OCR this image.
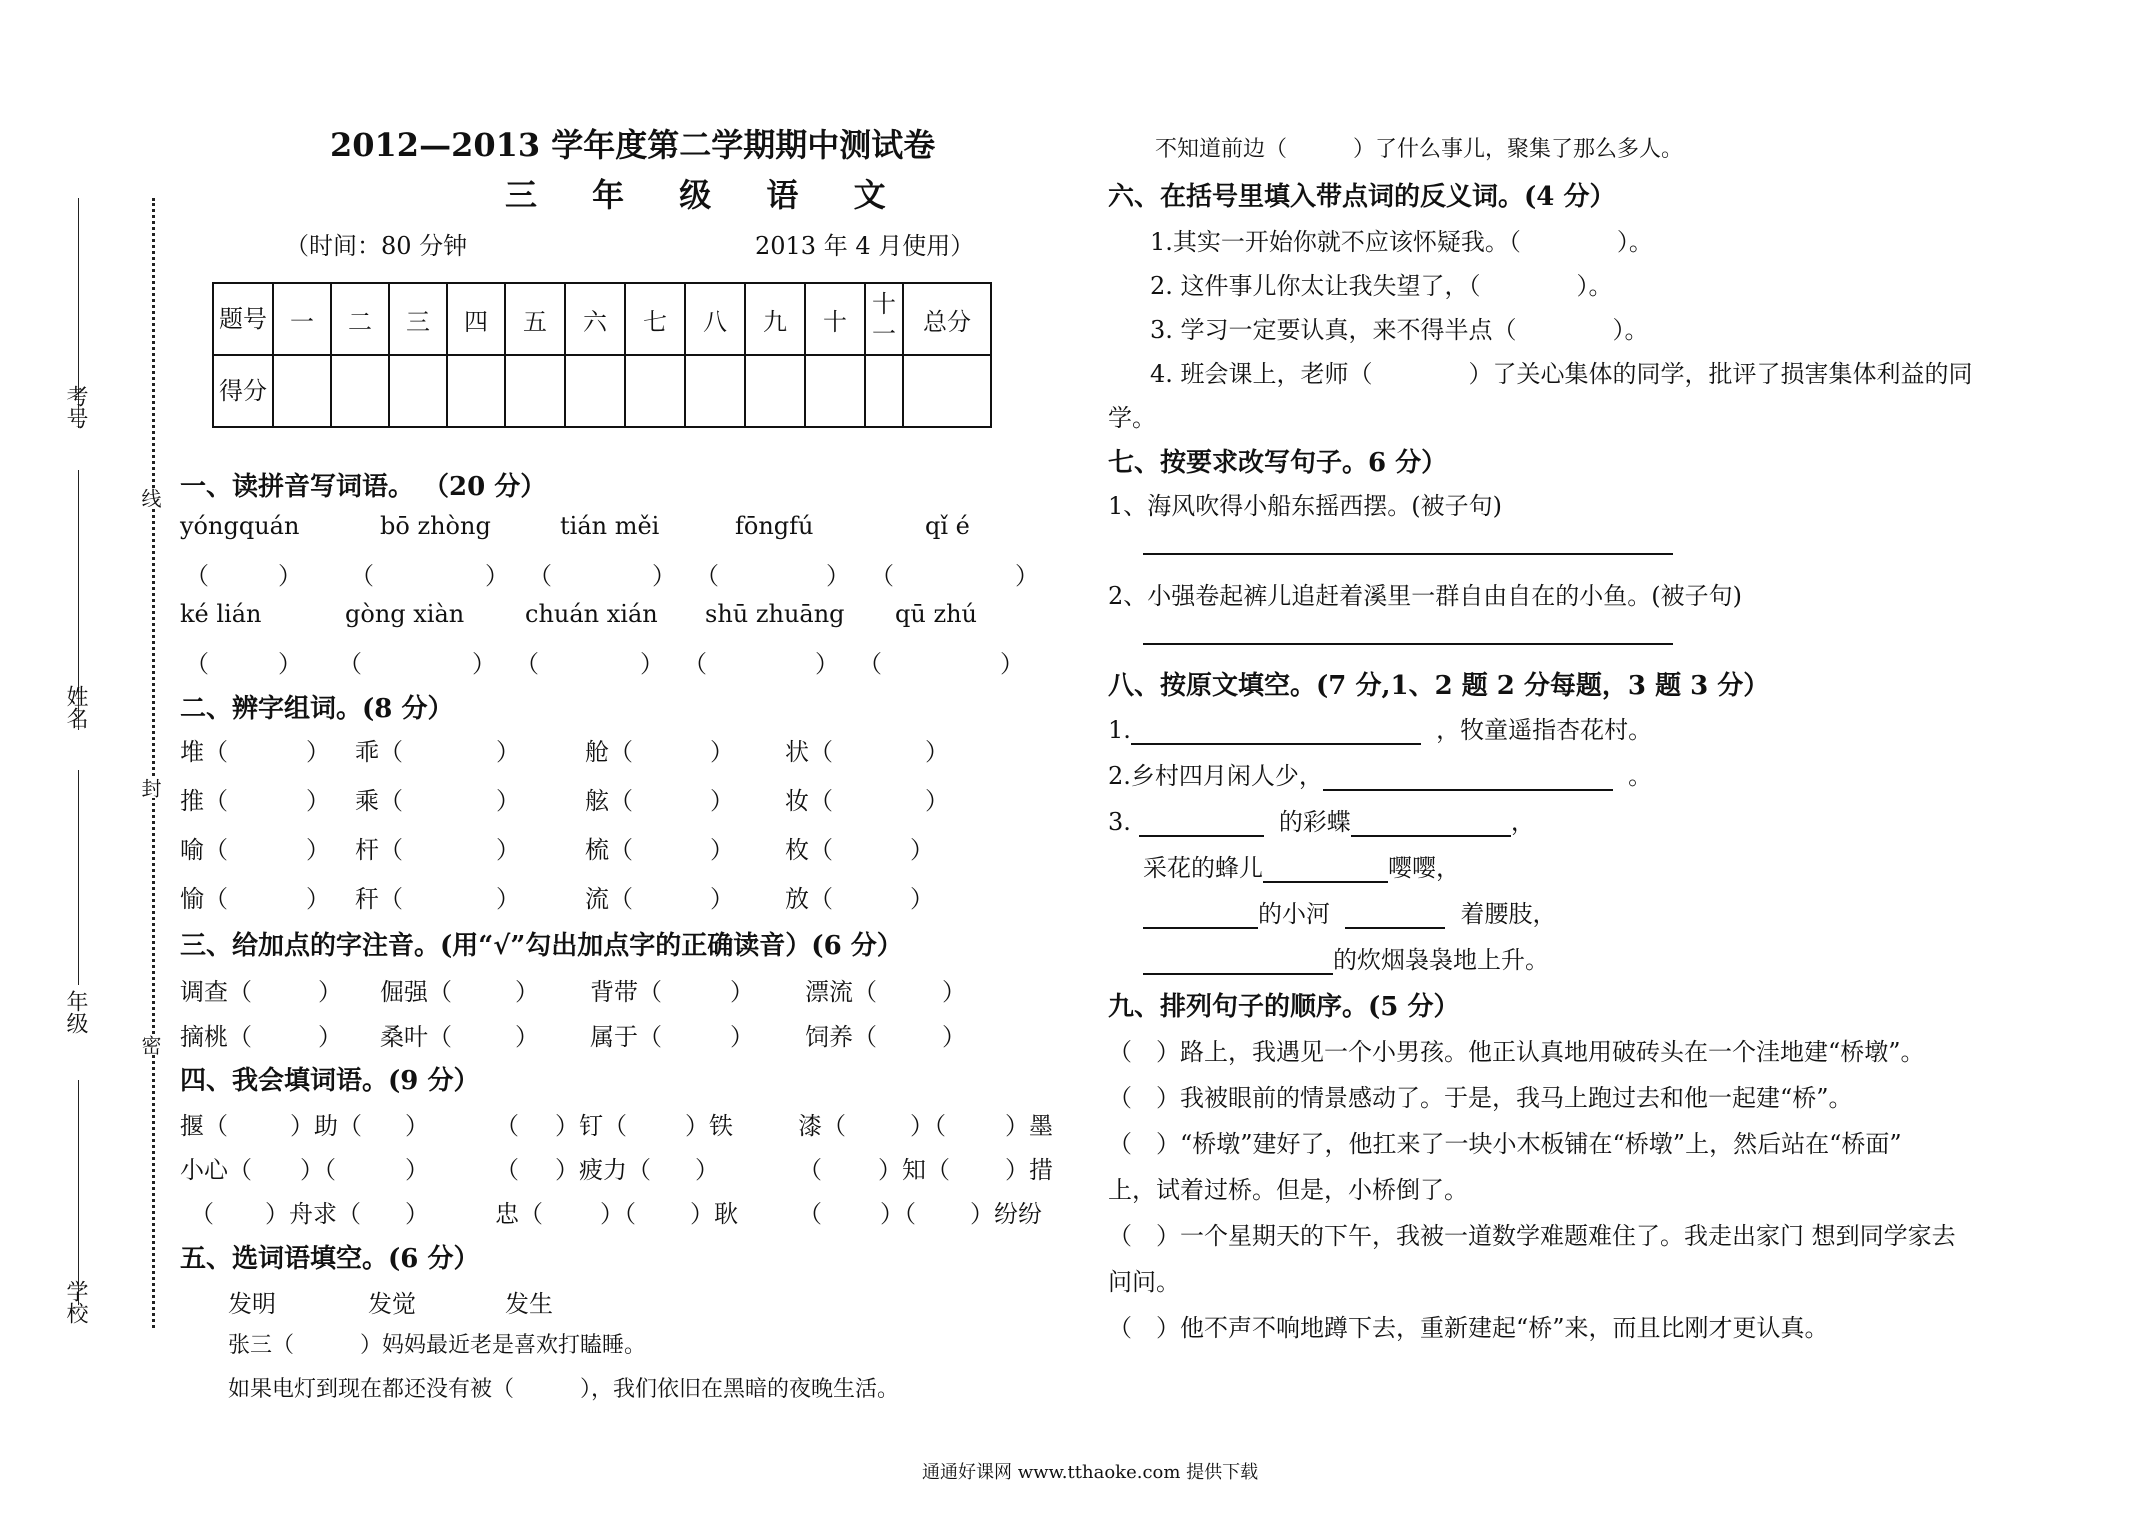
考号
姓名
年级
学校
线
封
密
2012—2013 学年度第二学期期中测试卷
三 年 级 语 文
（时间：80 分钟	2013 年 4 月使用）
题号	一	二	三	四	五	六	七	八	九	十	十一	总分
得分												
一、读拼音写词语。 （20 分）
yóngquán	bō zhòng	tián měi	fōngfú	qǐ é
（	） （	） （	） （	） （	）
ké lián	gòng xiàn	chuán xián shū zhuāng qū zhú
（	） （	） （	） （	） （	）
二、辨字组词。(8 分）
堆（	） 乖（	）	舱（	） 状（	）
推（	） 乘（	）	舷（	） 妆（	）
喻（	） 杆（	）	梳（	） 枚（	）
愉（	） 秆（	）	流（	） 放（	）
三、给加点的字注音。(用“√”勾出加点字的正确读音）(6 分）
调查（	） 倔强（	） 背带（	） 漂流（	）
摘桃（	） 桑叶（	） 属于（	） 饲养（	）
四、我会填词语。(9 分）
揠（	）助（ ）	（ ）钉（ ）铁	漆（	）（ ）墨
小心（ ）（	）	（ ）疲力（ ）	（ ）知（ ）措
（ ）舟求（ ）	忠（ ）（ ）耿	（ ）（ ）纷纷
五、选词语填空。(6 分）
发明	发觉	发生
张三（　　　）妈妈最近老是喜欢打瞌睡。
如果电灯到现在都还没有被（　　　），我们依旧在黑暗的夜晚生活。
不知道前边（　　　）了什么事儿，聚集了那么多人。
六、在括号里填入带点词的反义词。(4 分）
1.其实一开始你就不应该怀疑我。（　　　　）。
2. 这件事儿你太让我失望了，（　　　　）。
3. 学习一定要认真，来不得半点（　　　　）。
4. 班会课上，老师（　　　　）了关心集体的同学，批评了损害集体利益的同
学。
七、按要求改写句子。6 分）
1、海风吹得小船东摇西摆。(被子句)
2、小强卷起裤儿追赶着溪里一群自由自在的小鱼。(被子句)
八、按原文填空。(7 分,1、2 题 2 分每题，3 题 3 分）
1.	，牧童遥指杏花村。
2.乡村四月闲人少，	。
3.	的彩蝶	，
采花的蜂儿	嘤嘤，
的小河	着腰肢，
的炊烟袅袅地上升。
九、排列句子的顺序。(5 分）
（　）路上，我遇见一个小男孩。他正认真地用破砖头在一个洼地建“桥墩”。
（　）我被眼前的情景感动了。于是，我马上跑过去和他一起建“桥”。
（　）“桥墩”建好了，他扛来了一块小木板铺在“桥墩”上，然后站在“桥面”
上，试着过桥。但是，小桥倒了。
（　）一个星期天的下午，我被一道数学难题难住了。我走出家门 想到同学家去
问问。
（　）他不声不响地蹲下去，重新建起“桥”来，而且比刚才更认真。
通通好课网 www.tthaoke.com 提供下载
